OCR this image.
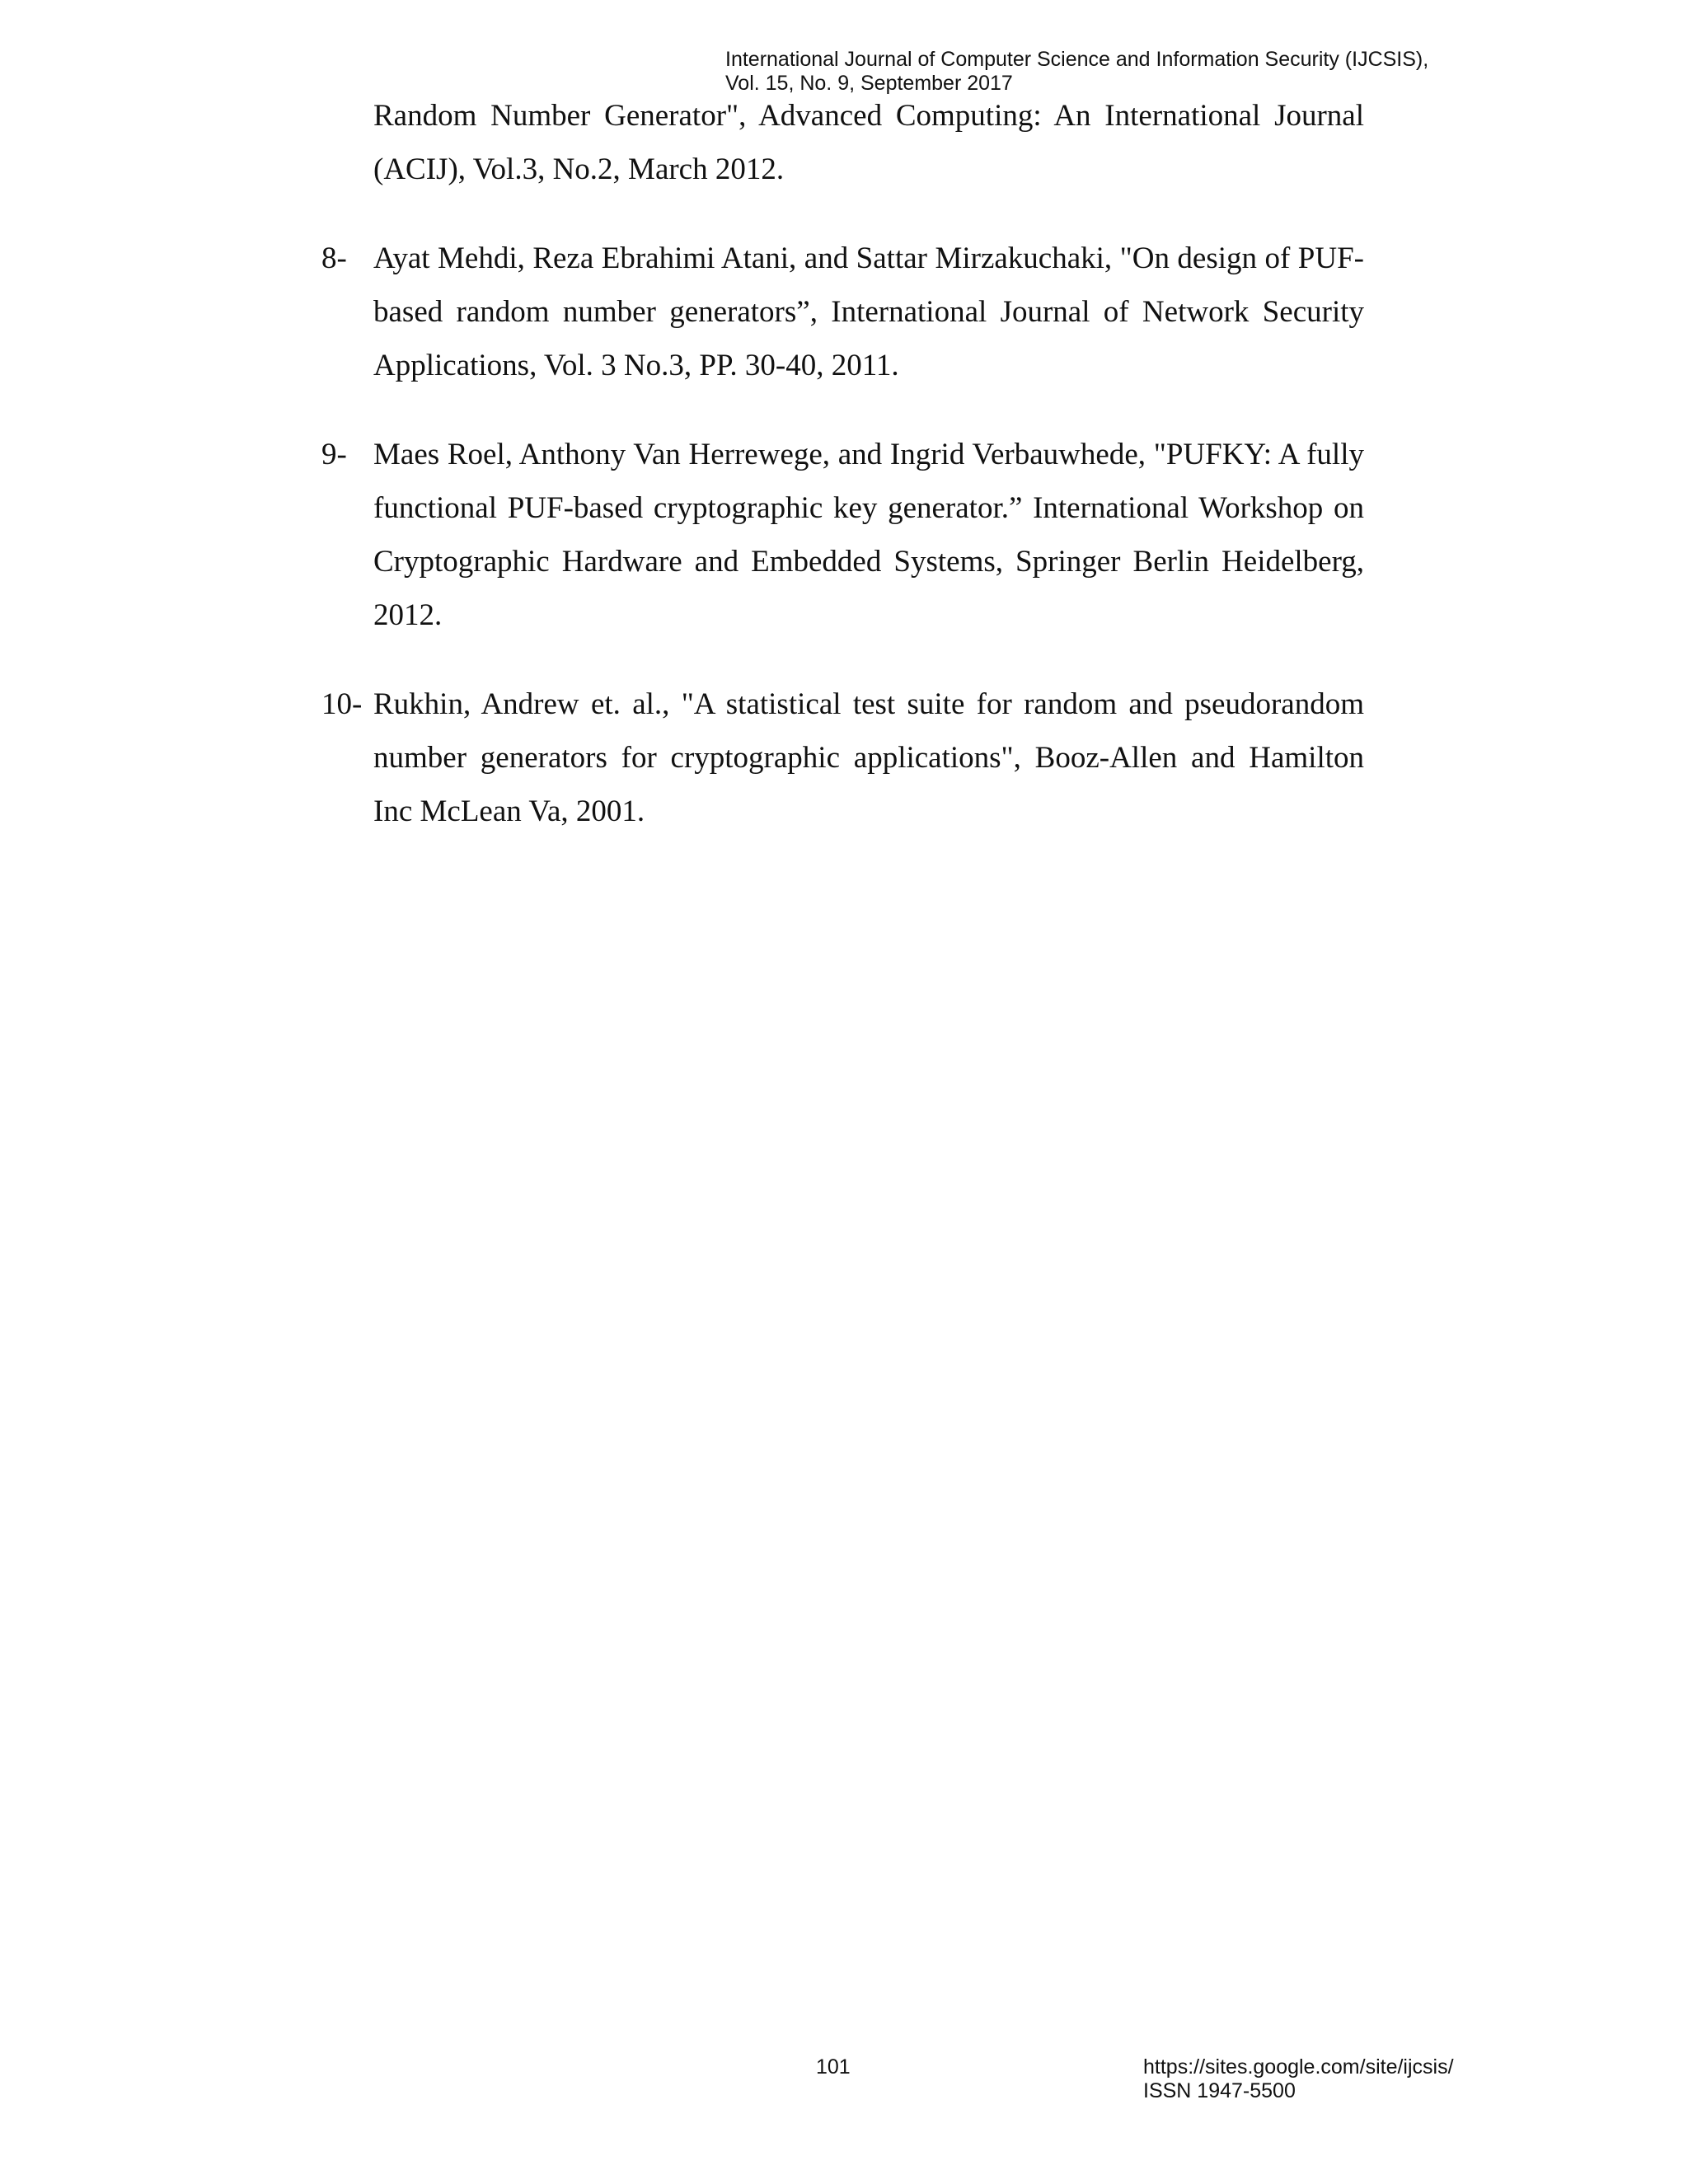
International Journal of Computer Science and Information Security (IJCSIS),
Vol. 15, No. 9, September 2017
Random Number Generator", Advanced Computing: An International Journal (ACIJ), Vol.3, No.2, March 2012.
8- Ayat Mehdi, Reza Ebrahimi Atani, and Sattar Mirzakuchaki, "On design of PUF-based random number generators”, International Journal of Network Security Applications, Vol. 3 No.3, PP. 30-40, 2011.
9- Maes Roel, Anthony Van Herrewege, and Ingrid Verbauwhede, "PUFKY: A fully functional PUF-based cryptographic key generator.” International Workshop on Cryptographic Hardware and Embedded Systems, Springer Berlin Heidelberg, 2012.
10- Rukhin, Andrew et. al., "A statistical test suite for random and pseudorandom number generators for cryptographic applications", Booz-Allen and Hamilton Inc McLean Va, 2001.
101	https://sites.google.com/site/ijcsis/
ISSN 1947-5500
